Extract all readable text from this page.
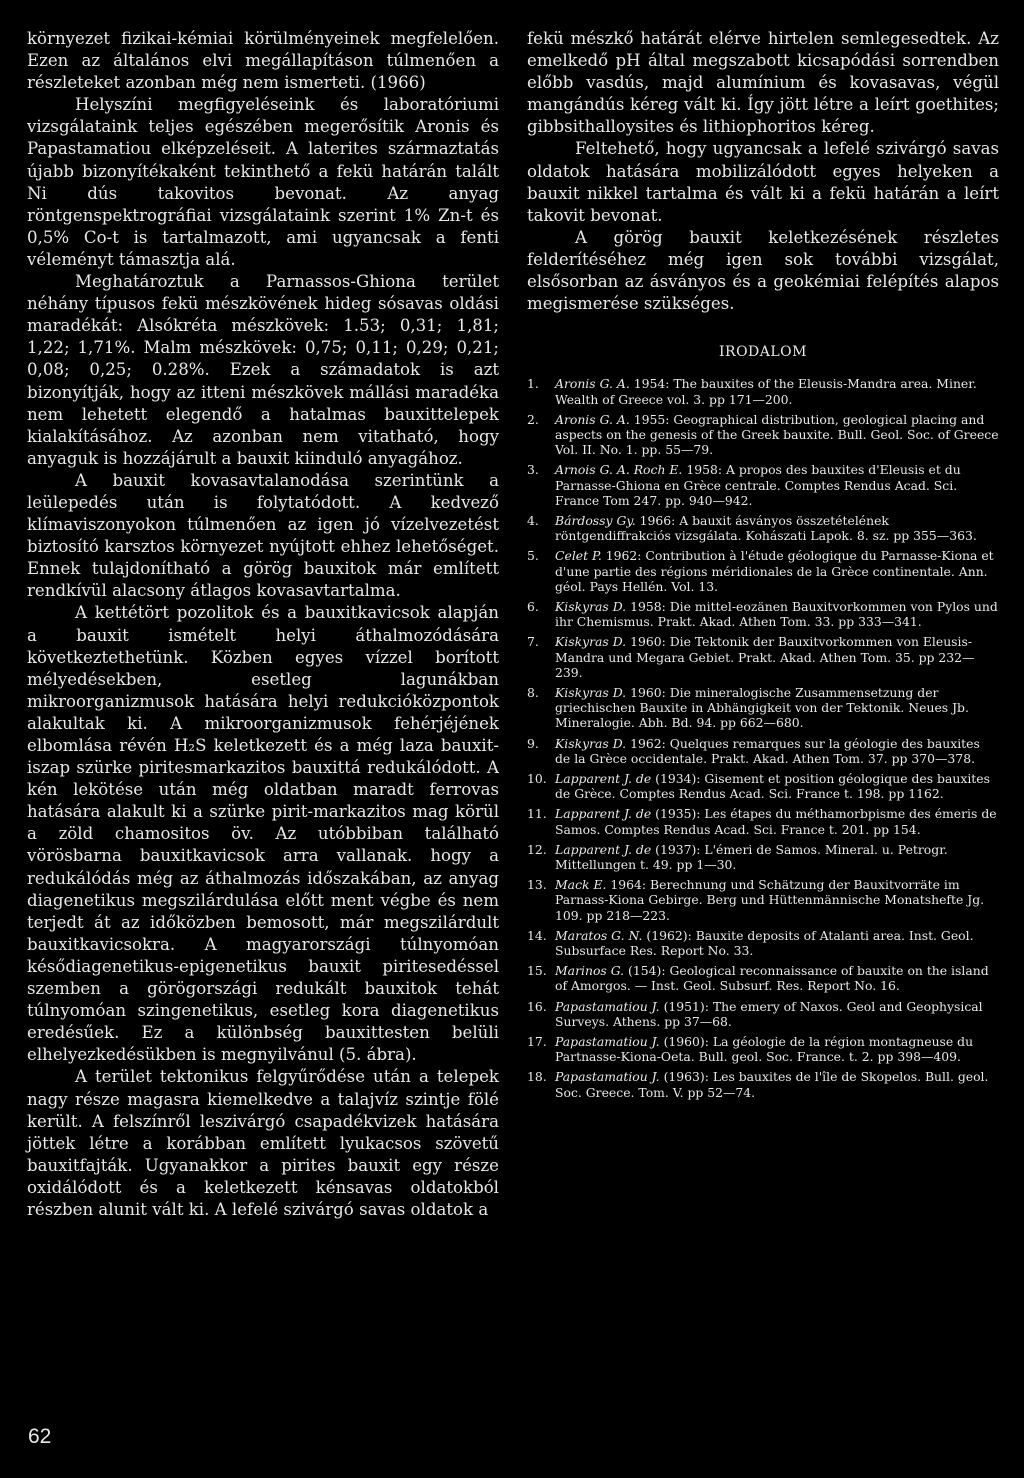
környezet fizikai-kémiai körülményeinek megfelelően. Ezen az általános elvi megállapításon túlmenően a részleteket azonban még nem ismerteti. (1966)

Helyszíni megfigyeléseink és laboratóriumi vizsgálataink teljes egészében megerősítik Aronis és Papastamatiou elképzeléseit. A laterites származtatás újabb bizonyítékaként tekinthető a fekü határán talált Ni dús takovitos bevonat. Az anyag röntgenspektrográfiai vizsgálataink szerint 1% Zn-t és 0,5% Co-t is tartalmazott, ami ugyancsak a fenti véleményt támasztja alá.

Meghatároztuk a Parnassos-Ghiona terület néhány típusos fekü mészkövének hideg sósavas oldási maradékát: Alsókréta mészkövek: 1.53; 0,31; 1,81; 1,22; 1,71%. Malm mészkövek: 0,75; 0,11; 0,29; 0,21; 0,08; 0,25; 0.28%. Ezek a számadatok is azt bizonyítják, hogy az itteni mészkövek mállási maradéka nem lehetett elegendő a hatalmas bauxittelepek kialakításához. Az azonban nem vitatható, hogy anyaguk is hozzájárult a bauxit kiinduló anyagához.

A bauxit kovasavtalanodása szerintünk a leülepedés után is folytatódott. A kedvező klímaviszonyokon túlmenően az igen jó vízelvezetést biztosító karsztos környezet nyújtott ehhez lehetőséget. Ennek tulajdonítható a görög bauxitok már említett rendkívül alacsony átlagos kovasavtartalma.

A kettétört pozolitok és a bauxitkavicsok alapján a bauxit ismételt helyi áthalmozódására következtethetünk. Közben egyes vízzel borított mélyedésekben, esetleg lagunákban mikroorganizmusok hatására helyi redukcióközpontok alakultak ki. A mikroorganizmusok fehérjéjének elbomlása révén H₂S keletkezett és a még laza bauxit-iszap szürke piritesmarkazitos bauxittá redukálódott. A kén lekötése után még oldatban maradt ferrovas hatására alakult ki a szürke pirit-markazitos mag körül a zöld chamositos öv. Az utóbbiban található vörösbarna bauxitkavicsok arra vallanak. hogy a redukálódás még az áthalmozás időszakában, az anyag diagenetikus megszilárdulása előtt ment végbe és nem terjedt át az időközben bemosott, már megszilárdult bauxitkavicsokra. A magyarországi túlnyomóan késődiagenetikus-epigenetikus bauxit piritesedéssel szemben a görögországi redukált bauxitok tehát túlnyomóan szingenetikus, esetleg kora diagenetikus eredésűek. Ez a különbség bauxittesten belüli elhelyezkedésükben is megnyilvánul (5. ábra).

A terület tektonikus felgyűrődése után a telepek nagy része magasra kiemelkedve a talajvíz szintje fölé került. A felszínről leszivárgó csapadékvizek hatására jöttek létre a korábban említett lyukacsos szövetű bauxitfajták. Ugyanakkor a pirites bauxit egy része oxidálódott és a keletkezett kénsavas oldatokból részben alunit vált ki. A lefelé szivárgó savas oldatok a

fekü mészkő határát elérve hirtelen semlegesedtek. Az emelkedő pH által megszabott kicsapódási sorrendben előbb vasdús, majd alumínium és kovasavas, végül mangándús kéreg vált ki. Így jött létre a leírt goethites; gibbsithalloysites és lithiophoritos kéreg.

Feltehető, hogy ugyancsak a lefelé szivárgó savas oldatok hatására mobilizálódott egyes helyeken a bauxit nikkel tartalma és vált ki a fekü határán a leírt takovit bevonat.

A görög bauxit keletkezésének részletes felderítéséhez még igen sok további vizsgálat, elsősorban az ásványos és a geokémiai felépítés alapos megismerése szükséges.

IRODALOM

1.	Aronis G. A. 1954: The bauxites of the Eleusis-Mandra area. Miner. Wealth of Greece vol. 3. pp 171—200.
2.	Aronis G. A. 1955: Geographical distribution, geological placing and aspects on the genesis of the Greek bauxite. Bull. Geol. Soc. of Greece Vol. II. No. 1. pp. 55—79.
3.	Arnois G. A. Roch E. 1958: A propos des bauxites d'Eleusis et du Parnasse-Ghiona en Grèce centrale. Comptes Rendus Acad. Sci. France Tom 247. pp. 940—942.
4.	Bárdossy Gy. 1966: A bauxit ásványos összetételének röntgendiffrakciós vizsgálata. Kohászati Lapok. 8. sz. pp 355—363.
5.	Celet P. 1962: Contribution à l'étude géologique du Parnasse-Kiona et d'une partie des régions méridionales de la Grèce continentale. Ann. géol. Pays Hellén. Vol. 13.
6.	Kiskyras D. 1958: Die mittel-eozänen Bauxitvorkommen von Pylos und ihr Chemismus. Prakt. Akad. Athen Tom. 33. pp 333—341.
7.	Kiskyras D. 1960: Die Tektonik der Bauxitvorkommen von Eleusis-Mandra und Megara Gebiet. Prakt. Akad. Athen Tom. 35. pp 232—239.
8.	Kiskyras D. 1960: Die mineralogische Zusammensetzung der griechischen Bauxite in Abhängigkeit von der Tektonik. Neues Jb. Mineralogie. Abh. Bd. 94. pp 662—680.
9.	Kiskyras D. 1962: Quelques remarques sur la géologie des bauxites de la Grèce occidentale. Prakt. Akad. Athen Tom. 37. pp 370—378.
10. Lapparent J. de (1934): Gisement et position géologique des bauxites de Grèce. Comptes Rendus Acad. Sci. France t. 198. pp 1162.
11. Lapparent J. de (1935): Les étapes du méthamorbpisme des émeris de Samos. Comptes Rendus Acad. Sci. France t. 201. pp 154.
12. Lapparent J. de (1937): L'émeri de Samos. Mineral. u. Petrogr. Mittellungen t. 49. pp 1—30.
13. Mack E. 1964: Berechnung und Schätzung der Bauxitvorräte im Parnass-Kiona Gebirge. Berg und Hüttenmännische Monatshefte Jg. 109. pp 218—223.
14. Maratos G. N. (1962): Bauxite deposits of Atalanti area. Inst. Geol. Subsurface Res. Report No. 33.
15. Marinos G. (154): Geological reconnaissance of bauxite on the island of Amorgos. — Inst. Geol. Subsurf. Res. Report No. 16.
16. Papastamatiou J. (1951): The emery of Naxos. Geol and Geophysical Surveys. Athens. pp 37—68.
17. Papastamatiou J. (1960): La géologie de la région montagneuse du Partnasse-Kiona-Oeta. Bull. geol. Soc. France. t. 2. pp 398—409.
18. Papastamatiou J. (1963): Les bauxites de l'île de Skopelos. Bull. geol. Soc. Greece. Tom. V. pp 52—74.
62
